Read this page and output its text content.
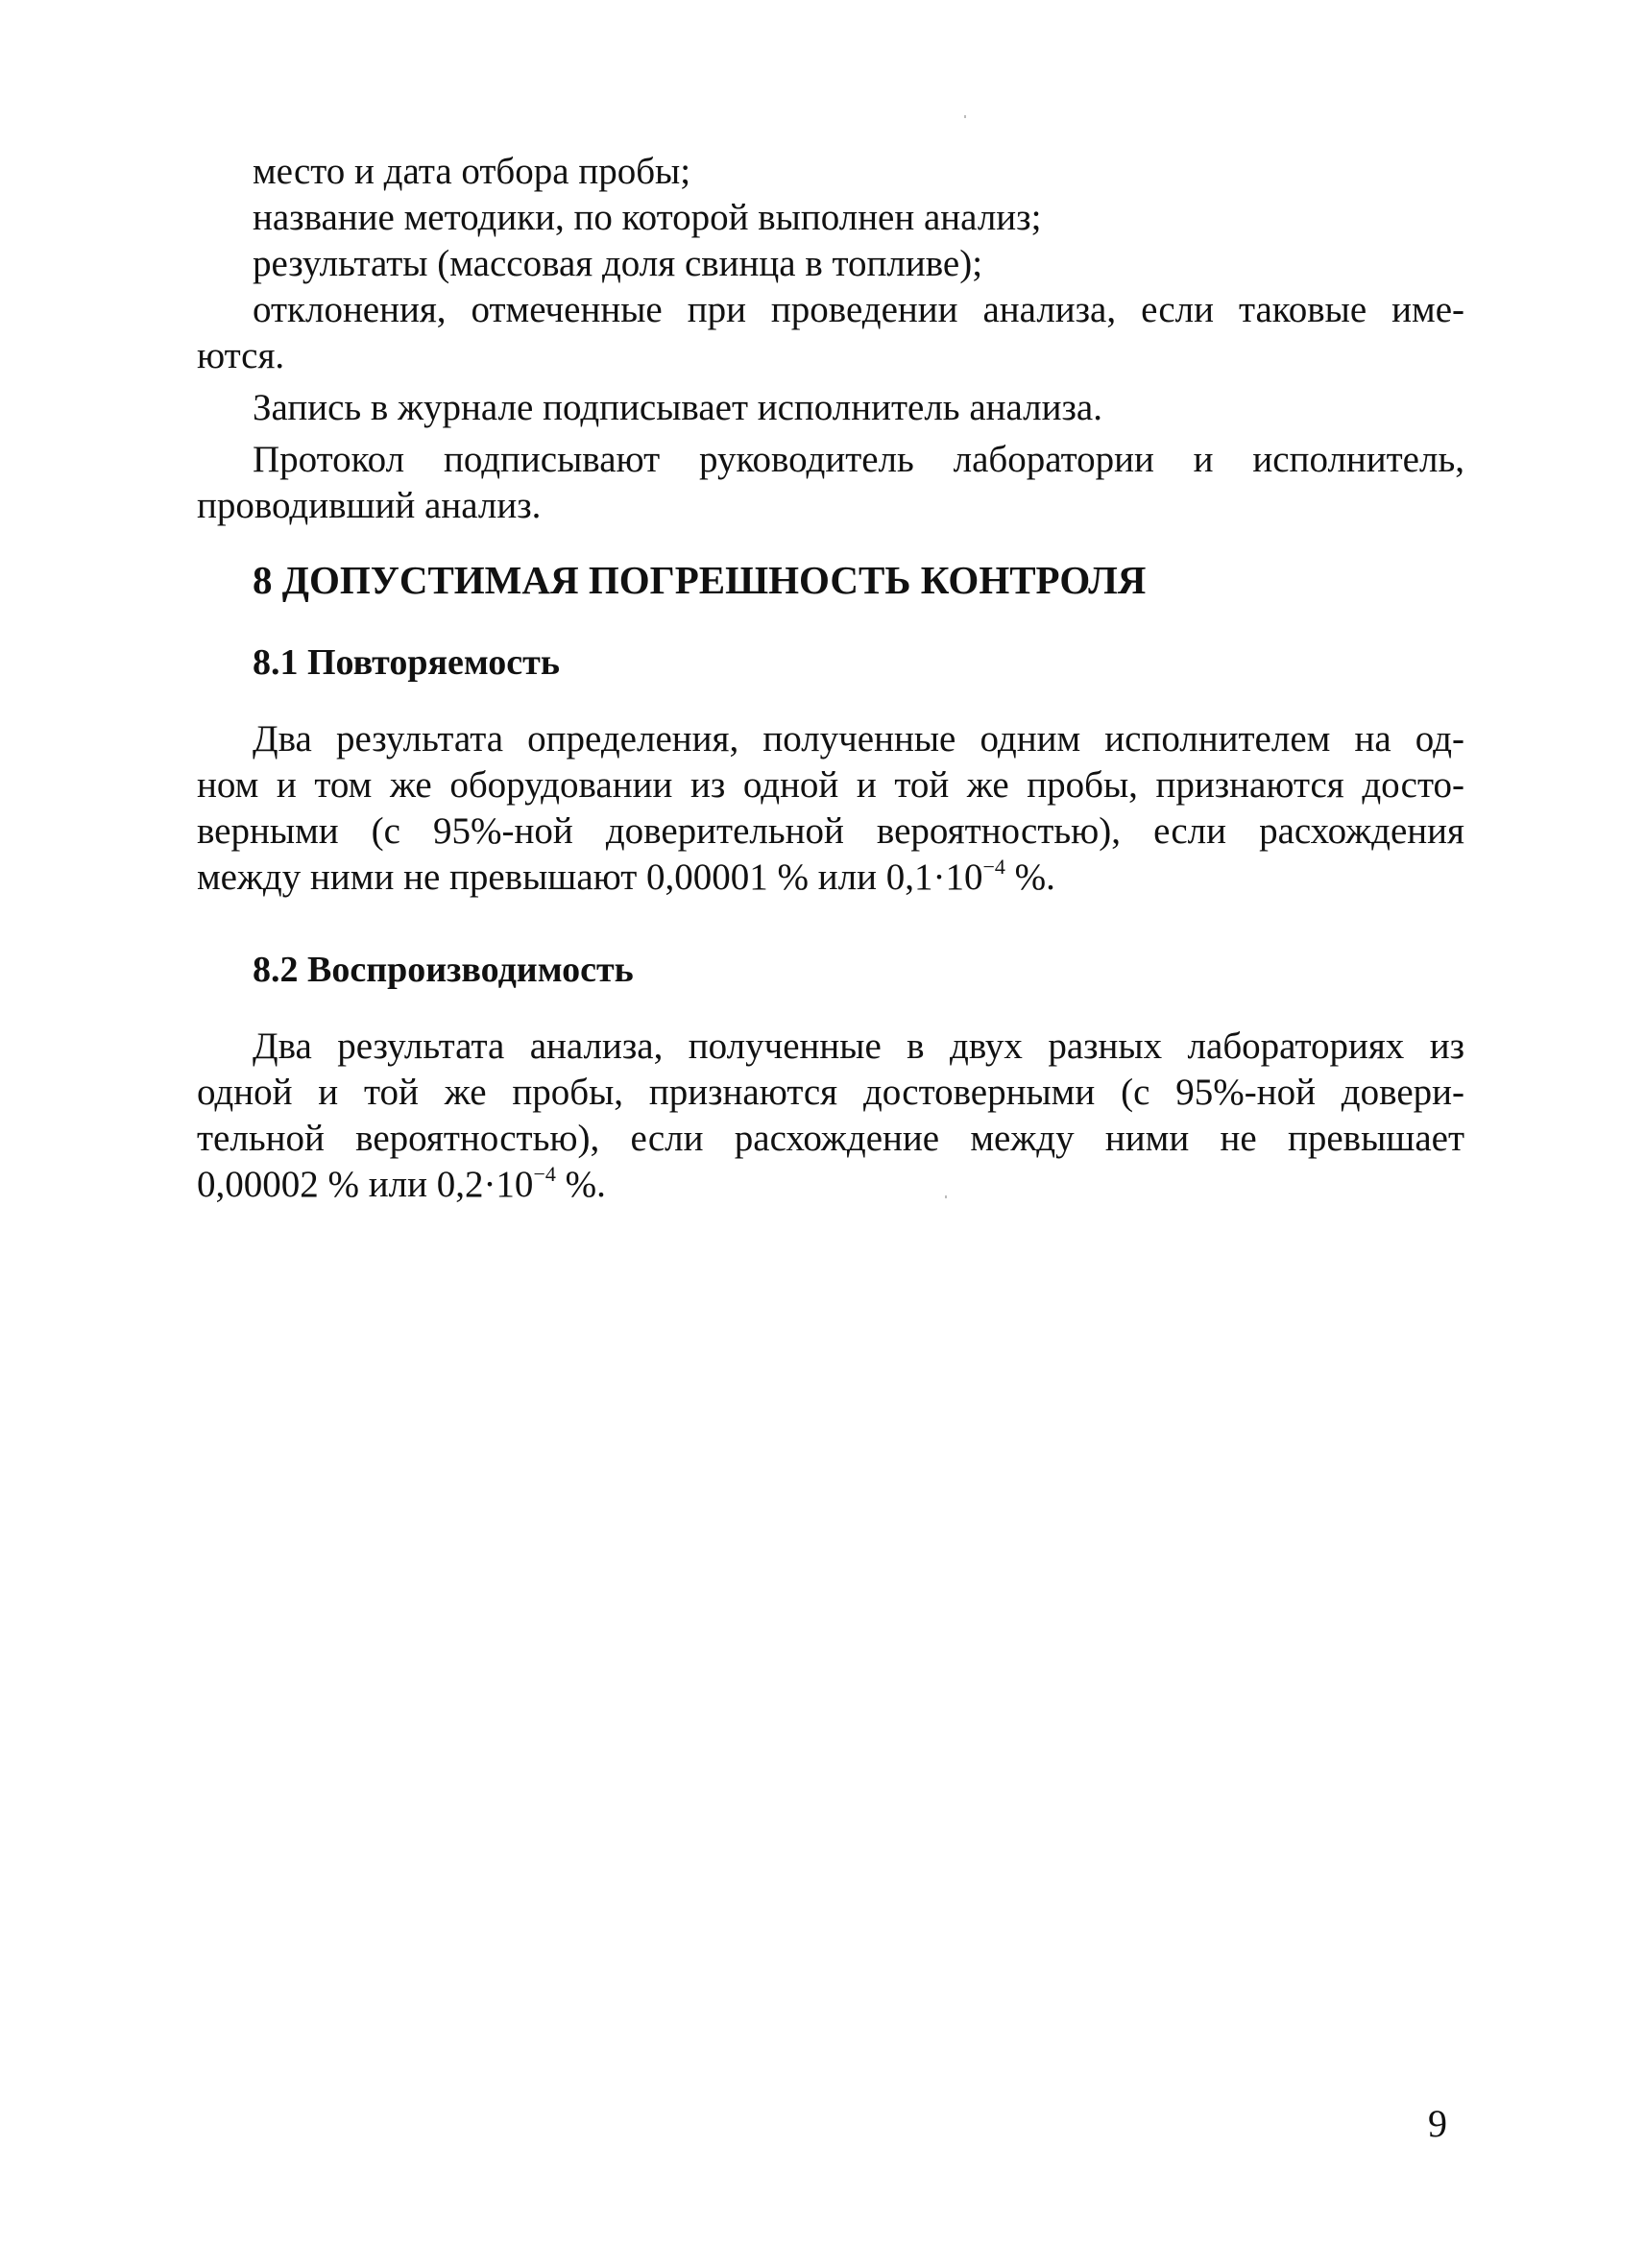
место и дата отбора пробы;
название методики, по которой выполнен анализ;
результаты (массовая доля свинца в топливе);
отклонения, отмеченные при проведении анализа, если таковые име-
ются.
Запись в журнале подписывает исполнитель анализа.
Протокол подписывают руководитель лаборатории и исполнитель,
проводивший анализ.
8 ДОПУСТИМАЯ ПОГРЕШНОСТЬ КОНТРОЛЯ
8.1 Повторяемость
Два результата определения, полученные одним исполнителем на од-
ном и том же оборудовании из одной и той же пробы, признаются досто-
верными (с 95%-ной доверительной вероятностью), если расхождения
между ними не превышают 0,00001 % или $0,1\cdot 10^{-4}$ %.
8.2 Воспроизводимость
Два результата анализа, полученные в двух разных лабораториях из
одной и той же пробы, признаются достоверными (с 95%-ной довери-
тельной вероятностью), если расхождение между ними не превышает
0,00002 % или $0,2\cdot 10^{-4}$ %.
9
